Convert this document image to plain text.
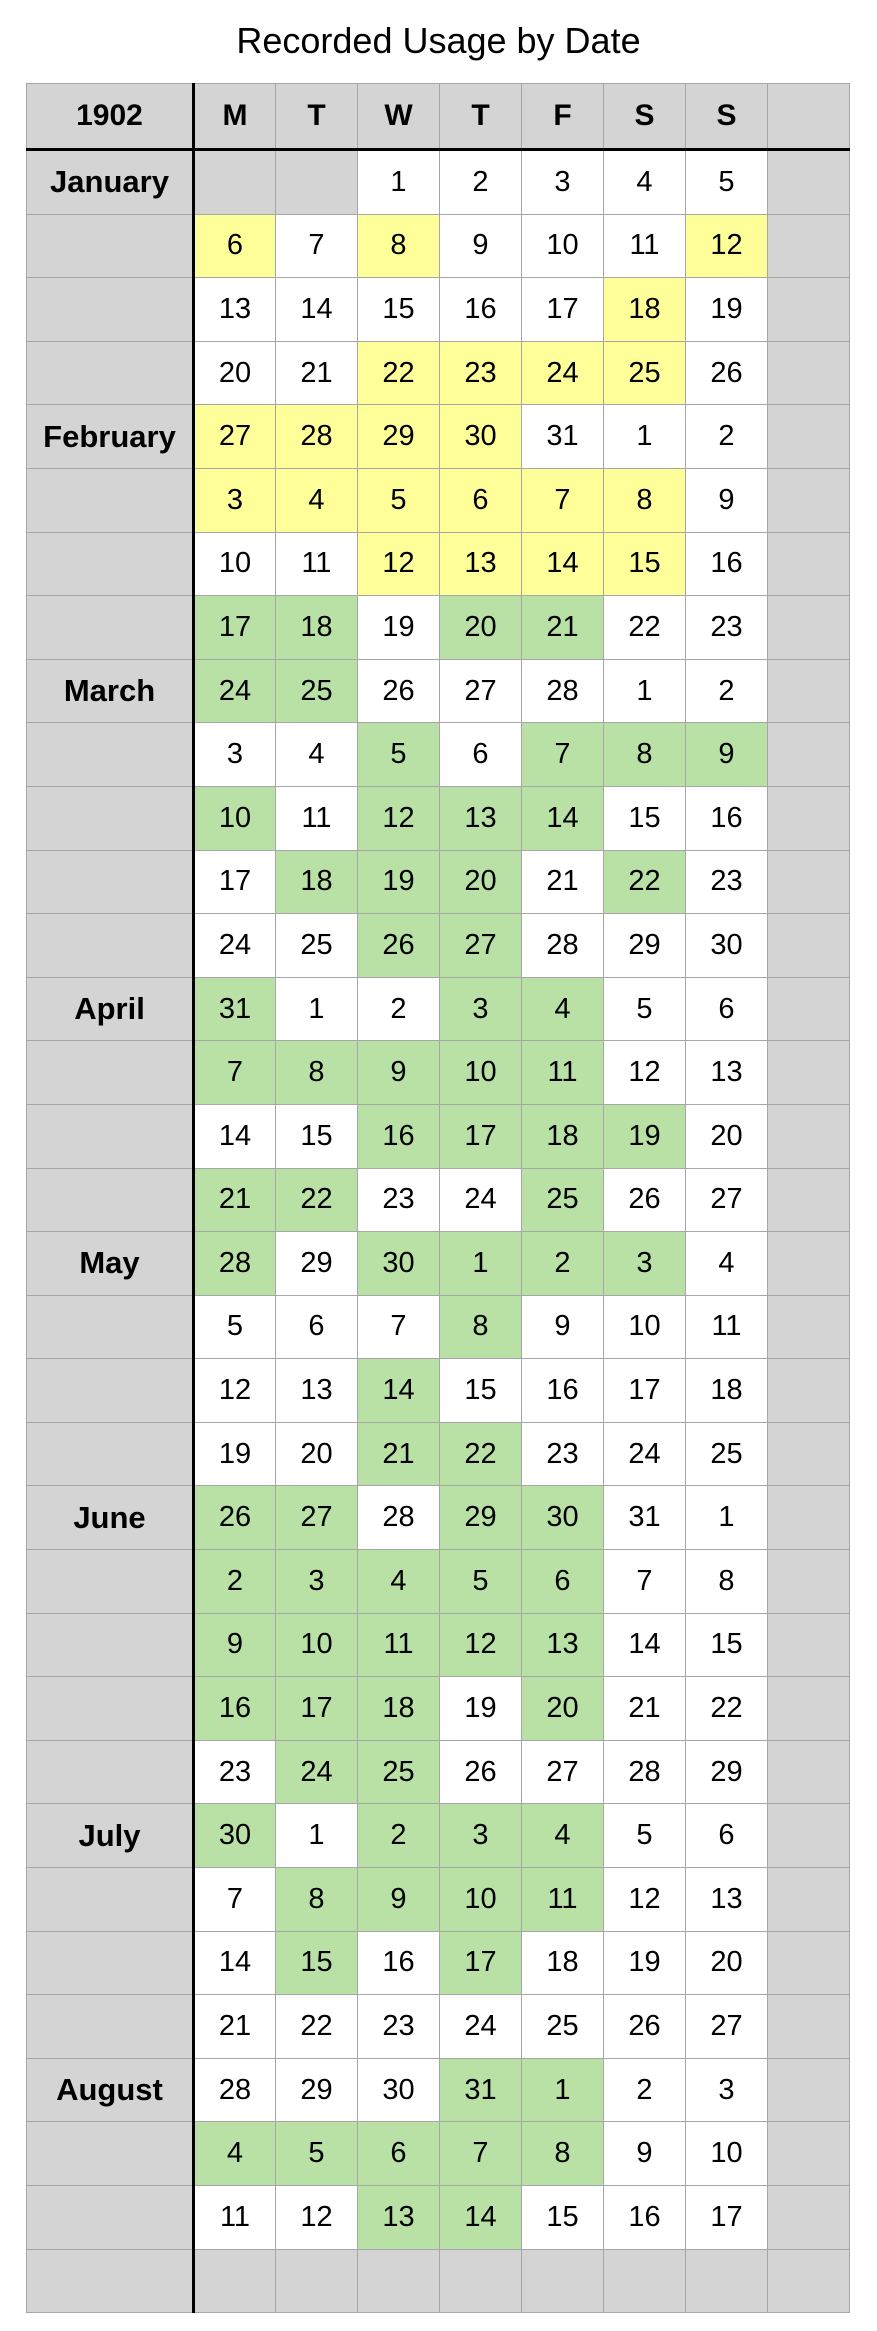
Recorded Usage by Date
1902	M	T	W	T	F	S	S	
January			1	2	3	4	5	
	6	7	8	9	10	11	12	
	13	14	15	16	17	18	19	
	20	21	22	23	24	25	26	
February	27	28	29	30	31	1	2	
	3	4	5	6	7	8	9	
	10	11	12	13	14	15	16	
	17	18	19	20	21	22	23	
March	24	25	26	27	28	1	2	
	3	4	5	6	7	8	9	
	10	11	12	13	14	15	16	
	17	18	19	20	21	22	23	
	24	25	26	27	28	29	30	
April	31	1	2	3	4	5	6	
	7	8	9	10	11	12	13	
	14	15	16	17	18	19	20	
	21	22	23	24	25	26	27	
May	28	29	30	1	2	3	4	
	5	6	7	8	9	10	11	
	12	13	14	15	16	17	18	
	19	20	21	22	23	24	25	
June	26	27	28	29	30	31	1	
	2	3	4	5	6	7	8	
	9	10	11	12	13	14	15	
	16	17	18	19	20	21	22	
	23	24	25	26	27	28	29	
July	30	1	2	3	4	5	6	
	7	8	9	10	11	12	13	
	14	15	16	17	18	19	20	
	21	22	23	24	25	26	27	
August	28	29	30	31	1	2	3	
	4	5	6	7	8	9	10	
	11	12	13	14	15	16	17	
